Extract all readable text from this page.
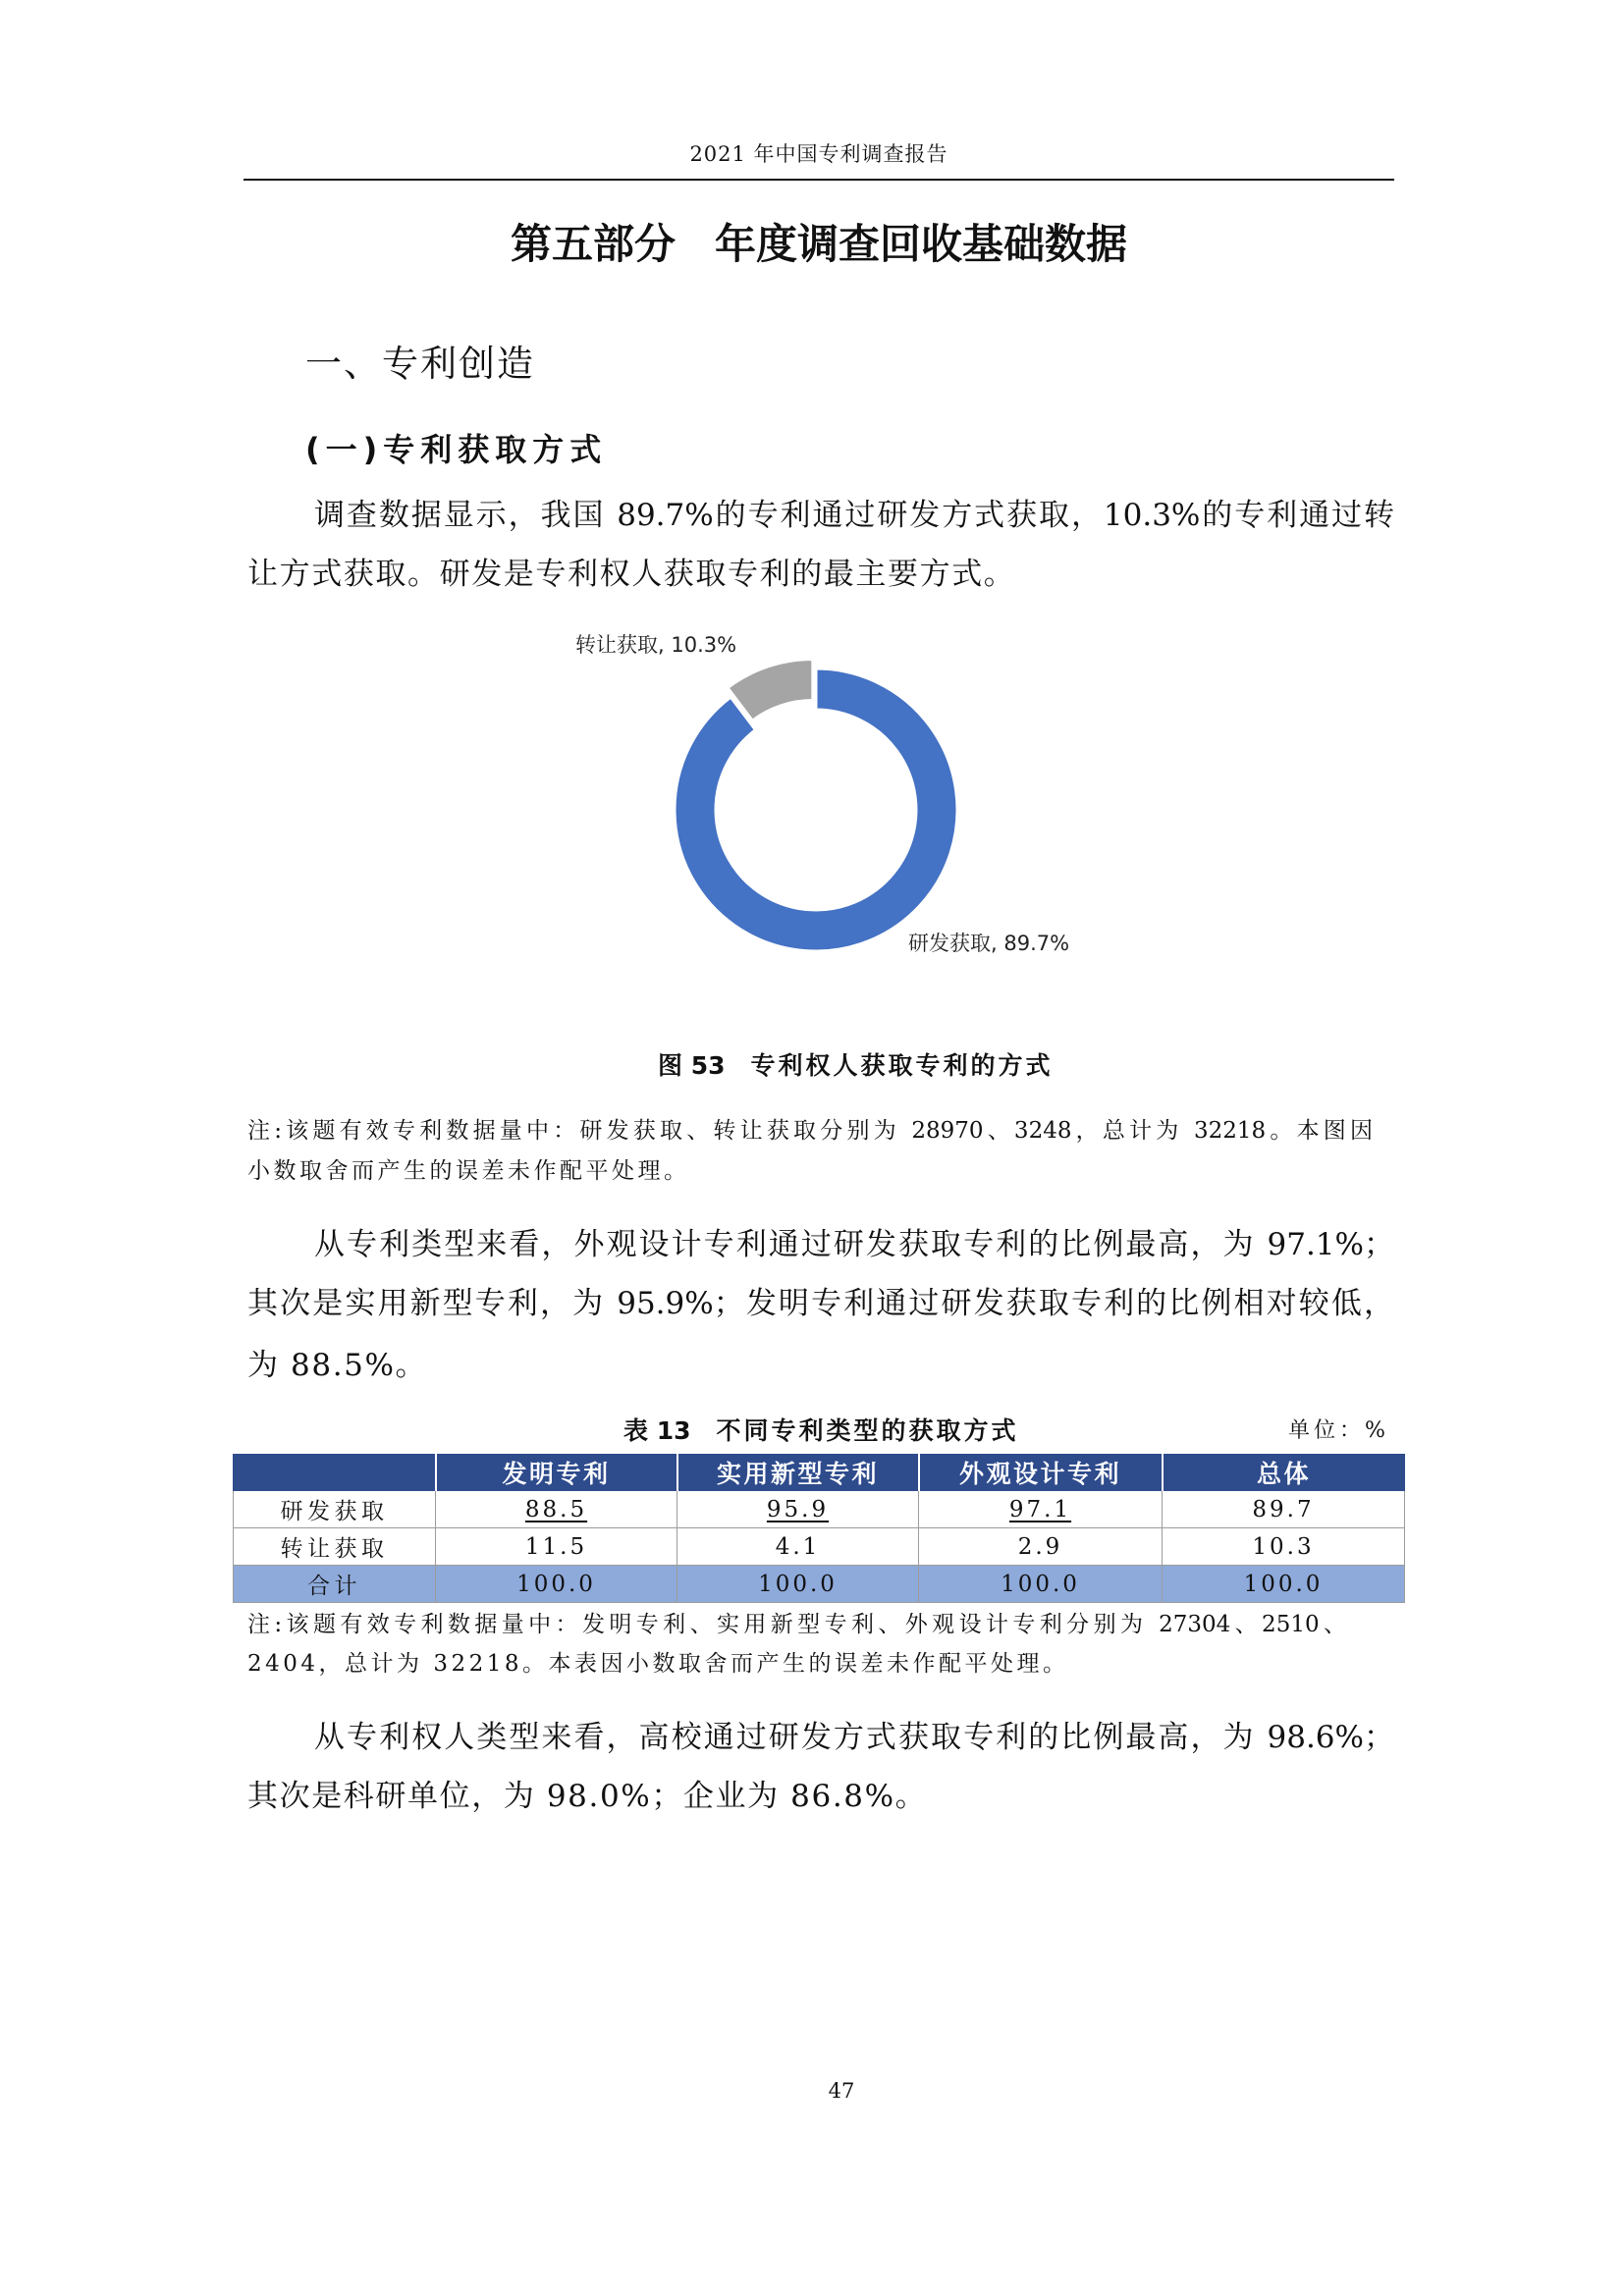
2021 年中国专利调查报告
第五部分 年度调查回收基础数据
一、专利创造
(一)专利获取方式
调查数据显示，我国 89.7%的专利通过研发方式获取，10.3%的专利通过转
让方式获取。研发是专利权人获取专利的最主要方式。
转让获取, 10.3%
研发获取, 89.7%
图 53 专利权人获取专利的方式
注:该题有效专利数据量中：研发获取、转让获取分别为 28970、3248，总计为 32218。本图因
小数取舍而产生的误差未作配平处理。
从专利类型来看，外观设计专利通过研发获取专利的比例最高，为 97.1%；
其次是实用新型专利，为 95.9%；发明专利通过研发获取专利的比例相对较低，
为 88.5%。
表 13 不同专利类型的获取方式	单位：%
	发明专利	实用新型专利	外观设计专利	总体
研发获取	88.5	95.9	97.1	89.7
转让获取	11.5	4.1	2.9	10.3
合计	100.0	100.0	100.0	100.0
注:该题有效专利数据量中：发明专利、实用新型专利、外观设计专利分别为 27304、2510、
2404，总计为 32218。本表因小数取舍而产生的误差未作配平处理。
从专利权人类型来看，高校通过研发方式获取专利的比例最高，为 98.6%；
其次是科研单位，为 98.0%；企业为 86.8%。
47
